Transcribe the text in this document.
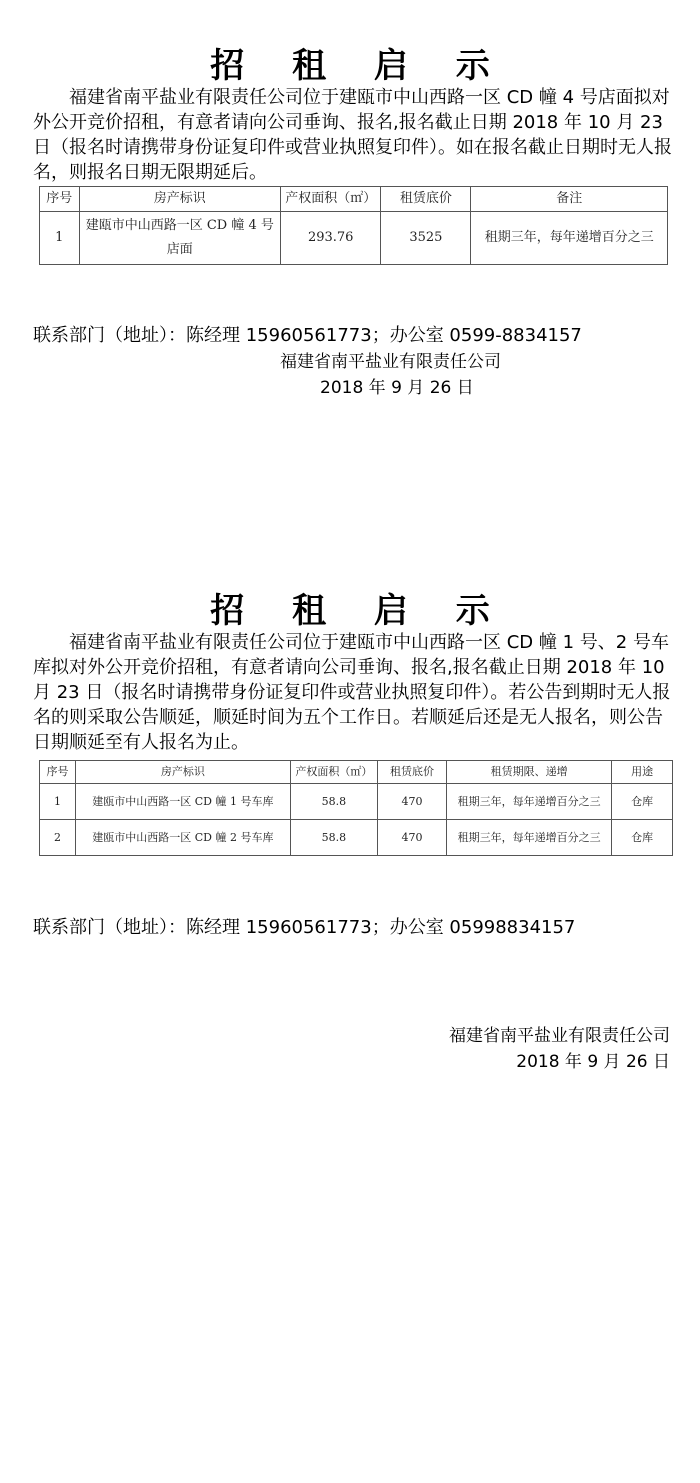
招 租 启 示

福建省南平盐业有限责任公司位于建瓯市中山西路一区 CD 幢 4 号店面拟对外公开竞价招租，有意者请向公司垂询、报名,报名截止日期 2018 年 10 月 23 日（报名时请携带身份证复印件或营业执照复印件）。如在报名截止日期时无人报名，则报名日期无限期延后。

序号	房产标识	产权面积（㎡）	租赁底价	备注
1	建瓯市中山西路一区 CD 幢 4 号店面	293.76	3525	租期三年，每年递增百分之三
联系部门（地址）：陈经理 15960561773；办公室 0599-8834157
福建省南平盐业有限责任公司
2018 年 9 月 26 日
招 租 启 示

福建省南平盐业有限责任公司位于建瓯市中山西路一区 CD 幢 1 号、2 号车库拟对外公开竞价招租，有意者请向公司垂询、报名,报名截止日期 2018 年 10 月 23 日（报名时请携带身份证复印件或营业执照复印件）。若公告到期时无人报名的则采取公告顺延，顺延时间为五个工作日。若顺延后还是无人报名，则公告日期顺延至有人报名为止。

序号	房产标识	产权面积（㎡）	租赁底价	租赁期限、递增	用途
1	建瓯市中山西路一区 CD 幢 1 号车库	58.8	470	租期三年，每年递增百分之三	仓库
2	建瓯市中山西路一区 CD 幢 2 号车库	58.8	470	租期三年，每年递增百分之三	仓库
联系部门（地址）：陈经理 15960561773；办公室 05998834157
福建省南平盐业有限责任公司
2018 年 9 月 26 日
